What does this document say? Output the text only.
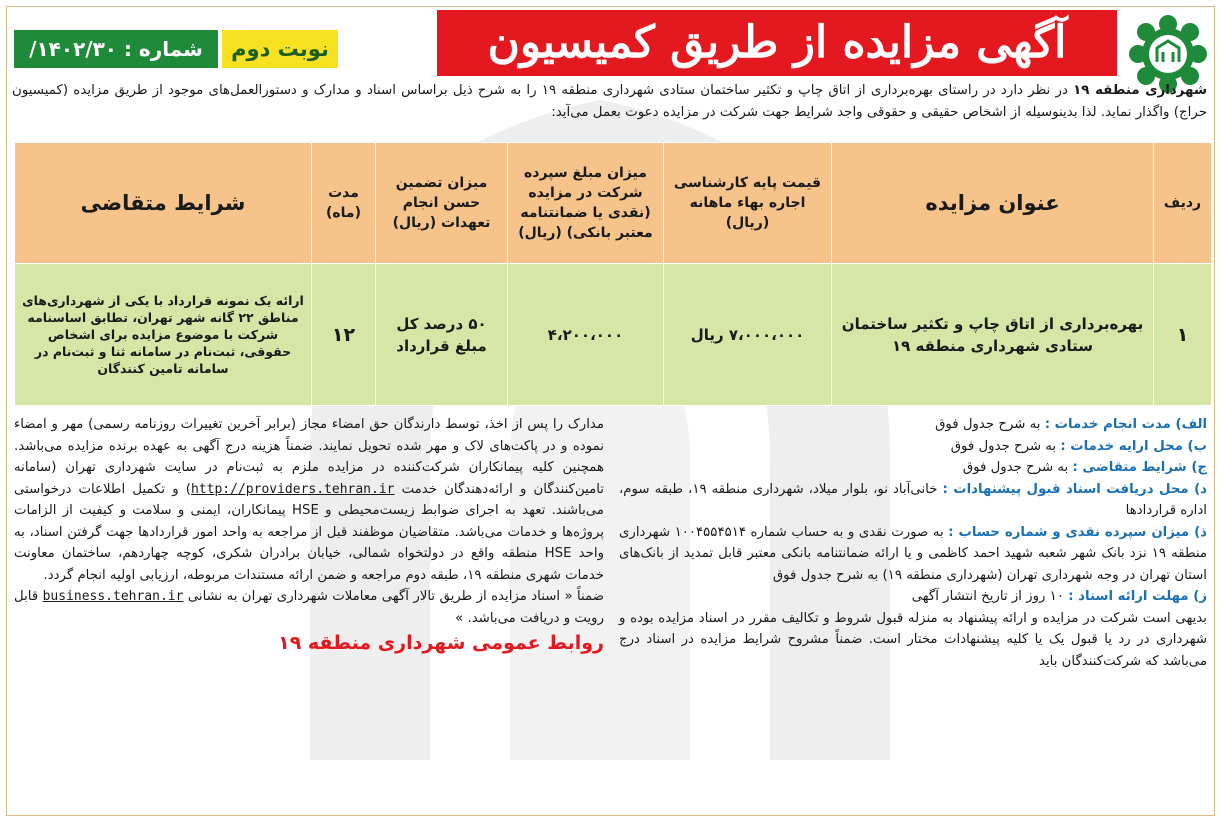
آگهی مزایده از طریق کمیسیون حراج
نوبت دوم
شماره : ۱۴۰۲/۳۰/
شهرداری منطقه ۱۹ در نظر دارد در راستای بهره‌برداری از اتاق چاپ و تکثیر ساختمان ستادی شهرداری منطقه ۱۹ را به شرح ذیل براساس اسناد و مدارک و دستورالعمل‌های موجود از طریق مزایده (کمیسیون حراج) واگذار نماید. لذا بدینوسیله از اشخاص حقیقی و حقوقی واجد شرایط جهت شرکت در مزایده دعوت بعمل می‌آید:
ردیف	عنوان مزایده	قیمت پایه کارشناسی اجاره بهاء ماهانه (ریال)	میزان مبلغ سپرده شرکت در مزایده (نقدی یا ضمانتنامه معتبر بانکی) (ریال)	میزان تضمین حسن انجام تعهدات (ریال)	مدت (ماه)	شرایط متقاضی
۱	بهره‌برداری از اتاق چاپ و تکثیر ساختمان ستادی شهرداری منطقه ۱۹	۷،۰۰۰،۰۰۰ ریال	۴،۲۰۰،۰۰۰	۵۰ درصد کل مبلغ قرارداد	۱۲	ارائه یک نمونه قرارداد با یکی از شهرداری‌های مناطق ۲۲ گانه شهر تهران، تطابق اساسنامه شرکت با موضوع مزایده برای اشخاص حقوقی، ثبت‌نام در سامانه ثنا و ثبت‌نام در سامانه تامین کنندگان

الف) مدت انجام خدمات : به شرح جدول فوق

ب) محل ارایه خدمات : به شرح جدول فوق

ج) شرایط متقاضی : به شرح جدول فوق

د) محل دریافت اسناد قبول پیشنهادات : خانی‌آباد نو، بلوار میلاد، شهرداری منطقه ۱۹، طبقه سوم، اداره قراردادها

ذ) میزان سپرده نقدی و شماره حساب : به صورت نقدی و به حساب شماره ۱۰۰۴۵۵۴۵۱۴ شهرداری منطقه ۱۹ نزد بانک شهر شعبه شهید احمد کاظمی و یا ارائه ضمانتنامه بانکی معتبر قابل تمدید از بانک‌های استان تهران در وجه شهرداری تهران (شهرداری منطقه ۱۹) به شرح جدول فوق

ز) مهلت ارائه اسناد : ۱۰ روز از تاریخ انتشار آگهی

بدیهی است شرکت در مزایده و ارائه پیشنهاد به منزله قبول شروط و تکالیف مقرر در اسناد مزایده بوده و شهرداری در رد یا قبول یک یا کلیه پیشنهادات مختار است. ضمناً مشروح شرایط مزایده در اسناد درج می‌باشد که شرکت‌کنندگان باید

مدارک را پس از اخذ، توسط دارندگان حق امضاء مجاز (برابر آخرین تغییرات روزنامه رسمی) مهر و امضاء نموده و در پاکت‌های لاک و مهر شده تحویل نمایند. ضمناً هزینه درج آگهی به عهده برنده مزایده می‌باشد. همچنین کلیه پیمانکاران شرکت‌کننده در مزایده ملزم به ثبت‌نام در سایت شهرداری تهران (سامانه تامین‌کنندگان و ارائه‌دهندگان خدمت http://providers.tehran.ir) و تکمیل اطلاعات درخواستی می‌باشند. تعهد به اجرای ضوابط زیست‌محیطی و HSE پیمانکاران، ایمنی و سلامت و کیفیت از الزامات پروژه‌ها و خدمات می‌باشد. متقاضیان موظفند قبل از مراجعه به واحد امور قراردادها جهت گرفتن اسناد، به واحد HSE منطقه واقع در دولتخواه شمالی، خیابان برادران شکری، کوچه چهاردهم، ساختمان معاونت خدمات شهری منطقه ۱۹، طبقه دوم مراجعه و ضمن ارائه مستندات مربوطه، ارزیابی اولیه انجام گردد.

ضمناً « اسناد مزایده از طریق تالار آگهی معاملات شهرداری تهران به نشانی business.tehran.ir قابل رویت و دریافت می‌باشد. »

روابط عمومی شهرداری منطقه ۱۹
